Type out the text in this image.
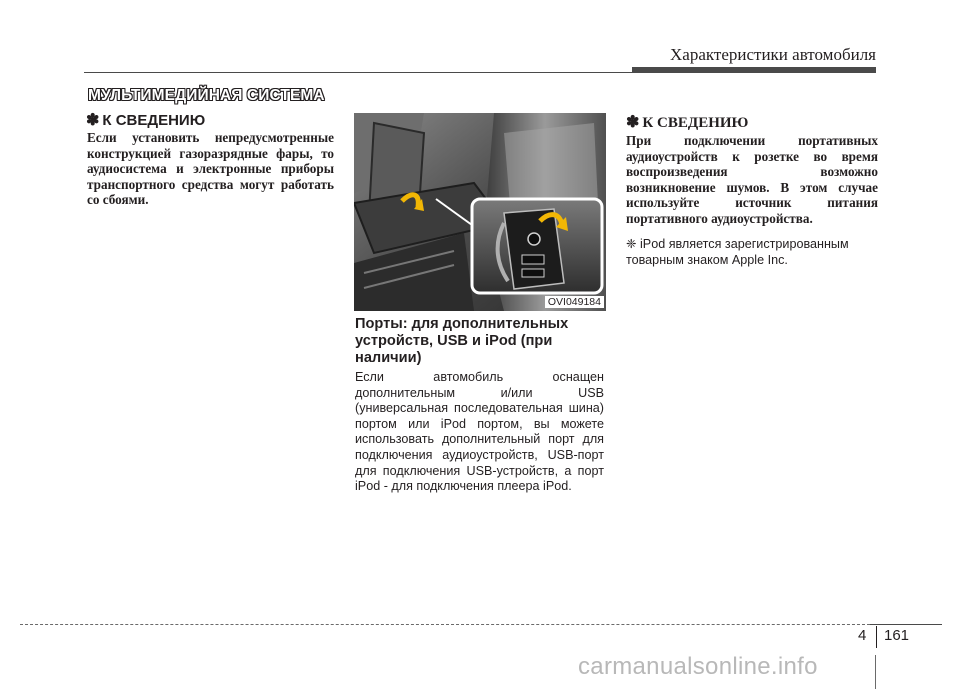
Характеристики автомобиля
МУЛЬТИМЕДИЙНАЯ СИСТЕМА
✽ К СВЕДЕНИЮ
Если установить непредусмотренные конструкцией газоразрядные фары, то аудиосистема и электронные приборы транспортного средства могут работать со сбоями.
OVI049184
Порты: для дополнительных устройств, USB и iPod (при наличии)
Если автомобиль оснащен дополнительным и/или USB (универсальная последовательная шина) портом или iPod портом, вы можете использовать дополнительный порт для подключения аудиоустройств, USB-порт для подключения USB-устройств, а порт iPod - для подключения плеера iPod.
✽ К СВЕДЕНИЮ
При подключении портативных аудиоустройств к розетке во время воспроизведения возможно возникновение шумов. В этом случае используйте источник питания портативного аудиоустройства.
❈ iPod является зарегистрированным товарным знаком Apple Inc.
4 161
carmanualsonline.info
